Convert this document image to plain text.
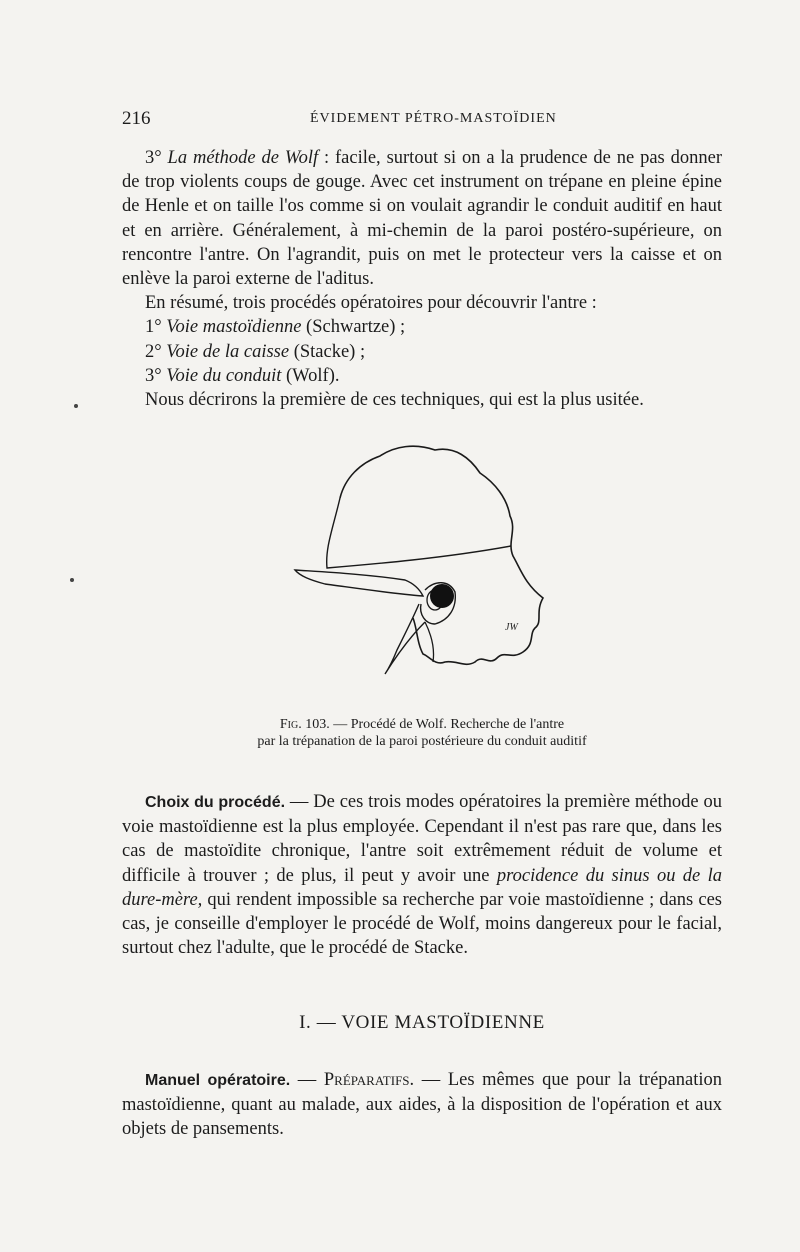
216	ÉVIDEMENT PÉTRO-MASTOÏDIEN

3° La méthode de Wolf : facile, surtout si on a la prudence de ne pas donner de trop violents coups de gouge. Avec cet instrument on trépane en pleine épine de Henle et on taille l'os comme si on voulait agrandir le conduit auditif en haut et en arrière. Généralement, à mi-chemin de la paroi postéro-supérieure, on rencontre l'antre. On l'agrandit, puis on met le protecteur vers la caisse et on enlève la paroi externe de l'aditus.

En résumé, trois procédés opératoires pour découvrir l'antre :

1° Voie mastoïdienne (Schwartze) ;

2° Voie de la caisse (Stacke) ;

3° Voie du conduit (Wolf).

Nous décrirons la première de ces techniques, qui est la plus usitée.

JW
Fig. 103. — Procédé de Wolf. Recherche de l'antre
par la trépanation de la paroi postérieure du conduit auditif

Choix du procédé. — De ces trois modes opératoires la première méthode ou voie mastoïdienne est la plus employée. Cependant il n'est pas rare que, dans les cas de mastoïdite chronique, l'antre soit extrêmement réduit de volume et difficile à trouver ; de plus, il peut y avoir une procidence du sinus ou de la dure-mère, qui rendent impossible sa recherche par voie mastoïdienne ; dans ces cas, je conseille d'employer le procédé de Wolf, moins dangereux pour le facial, surtout chez l'adulte, que le procédé de Stacke.

I. — VOIE MASTOÏDIENNE

Manuel opératoire. — Préparatifs. — Les mêmes que pour la trépanation mastoïdienne, quant au malade, aux aides, à la disposition de l'opération et aux objets de pansements.
